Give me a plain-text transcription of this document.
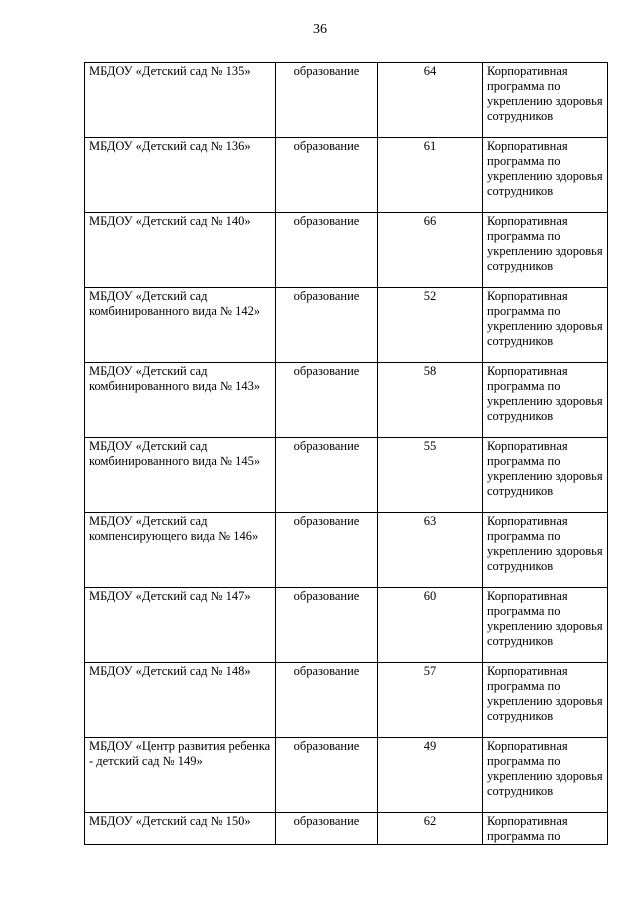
36
МБДОУ «Детский сад № 135»	образование	64	Корпоративная программа по укреплению здоровья сотрудников
МБДОУ «Детский сад № 136»	образование	61	Корпоративная программа по укреплению здоровья сотрудников
МБДОУ «Детский сад № 140»	образование	66	Корпоративная программа по укреплению здоровья сотрудников
МБДОУ «Детский сад комбинированного вида № 142»	образование	52	Корпоративная программа по укреплению здоровья сотрудников
МБДОУ «Детский сад комбинированного вида № 143»	образование	58	Корпоративная программа по укреплению здоровья сотрудников
МБДОУ «Детский сад комбинированного вида № 145»	образование	55	Корпоративная программа по укреплению здоровья сотрудников
МБДОУ «Детский сад компенсирующего вида № 146»	образование	63	Корпоративная программа по укреплению здоровья сотрудников
МБДОУ «Детский сад № 147»	образование	60	Корпоративная программа по укреплению здоровья сотрудников
МБДОУ «Детский сад № 148»	образование	57	Корпоративная программа по укреплению здоровья сотрудников
МБДОУ «Центр развития ребенка - детский сад № 149»	образование	49	Корпоративная программа по укреплению здоровья сотрудников
МБДОУ «Детский сад № 150»	образование	62	Корпоративная программа по
